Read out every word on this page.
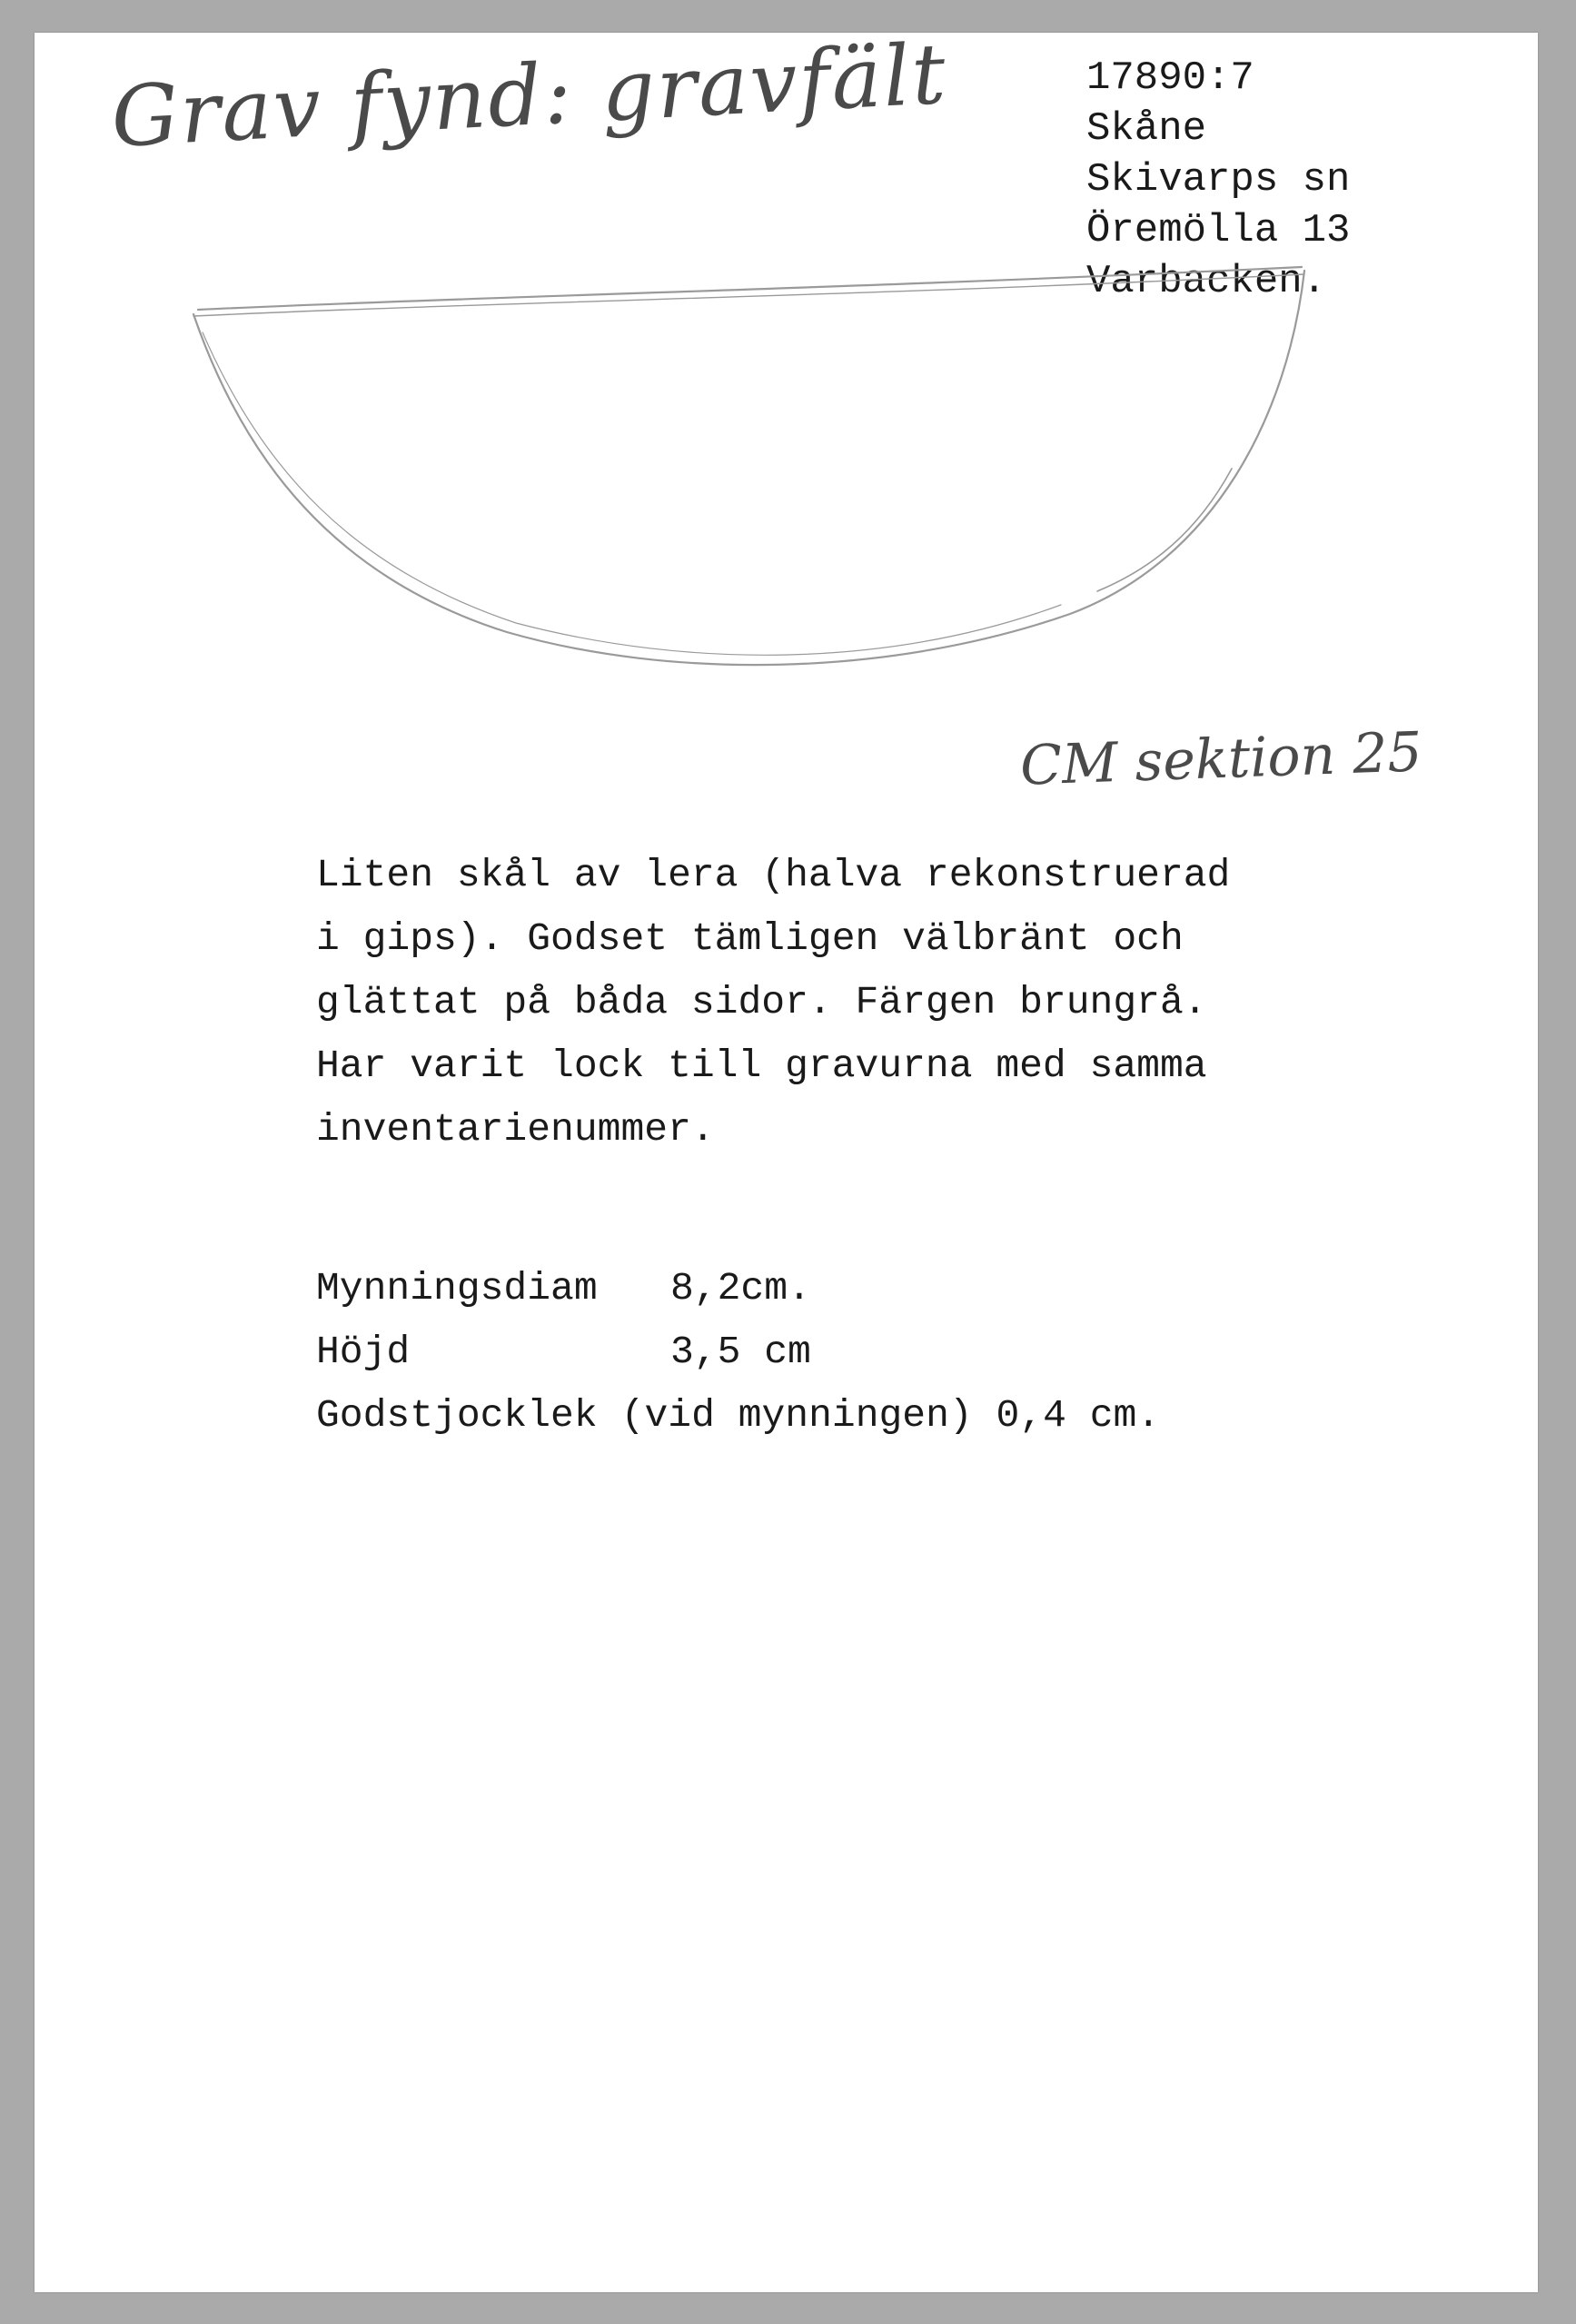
Grav fynd: gravfält	17890:7
Skåne
Skivarps sn
Öremölla 13
Varbacken.
CM sektion 25
Liten skål av lera (halva rekonstruerad
i gips). Godset tämligen välbränt och
glättat på båda sidor. Färgen brungrå.
Har varit lock till gravurna med samma
inventarienummer.
Mynningsdiam	8,2cm.
Höjd	3,5 cm
Godstjocklek (vid mynningen) 0,4 cm.
